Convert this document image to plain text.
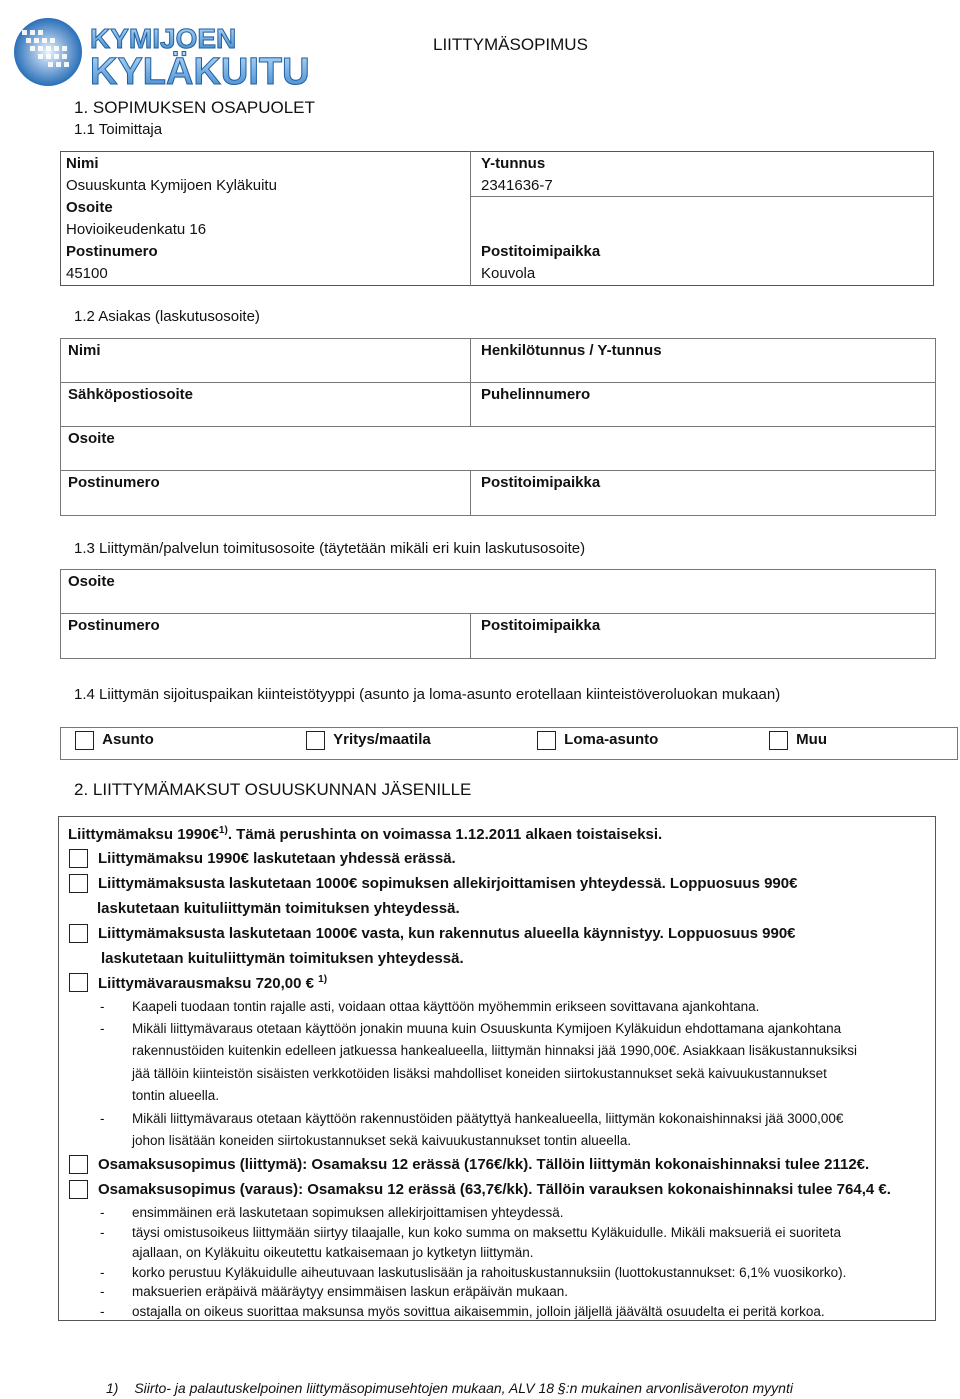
KYMIJOEN
KYLÄKUITU
LIITTYMÄSOPIMUS
1. SOPIMUKSEN OSAPUOLET
1.1 Toimittaja
Nimi
Osuuskunta Kymijoen Kyläkuitu
Osoite
Hovioikeudenkatu 16
Postinumero
45100
Y-tunnus
2341636-7
Postitoimipaikka
Kouvola
1.2 Asiakas (laskutusosoite)
Nimi	Henkilötunnus / Y-tunnus
Sähköpostiosoite	Puhelinnumero
Osoite
Postinumero	Postitoimipaikka
1.3 Liittymän/palvelun toimitusosoite (täytetään mikäli eri kuin laskutusosoite)
Osoite
Postinumero	Postitoimipaikka
1.4 Liittymän sijoituspaikan kiinteistötyyppi (asunto ja loma-asunto erotellaan kiinteistöveroluokan mukaan)
Asunto	Yritys/maatila	Loma-asunto	Muu
2. LIITTYMÄMAKSUT OSUUSKUNNAN JÄSENILLE
Liittymämaksu 1990€$^{1)}$. Tämä perushinta on voimassa 1.12.2011 alkaen toistaiseksi.
Liittymämaksu 1990€ laskutetaan yhdessä erässä.
Liittymämaksusta laskutetaan 1000€ sopimuksen allekirjoittamisen yhteydessä. Loppuosuus 990€
laskutetaan kuituliittymän toimituksen yhteydessä.
Liittymämaksusta laskutetaan 1000€ vasta, kun rakennutus alueella käynnistyy. Loppuosuus 990€
laskutetaan kuituliittymän toimituksen yhteydessä.
Liittymävarausmaksu 720,00 € $^{1)}$
- Kaapeli tuodaan tontin rajalle asti, voidaan ottaa käyttöön myöhemmin erikseen sovittavana ajankohtana.
- Mikäli liittymävaraus otetaan käyttöön jonakin muuna kuin Osuuskunta Kymijoen Kyläkuidun ehdottamana ajankohtana
rakennustöiden kuitenkin edelleen jatkuessa hankealueella, liittymän hinnaksi jää 1990,00€. Asiakkaan lisäkustannuksiksi
jää tällöin kiinteistön sisäisten verkkotöiden lisäksi mahdolliset koneiden siirtokustannukset sekä kaivuukustannukset
tontin alueella.
- Mikäli liittymävaraus otetaan käyttöön rakennustöiden päätyttyä hankealueella, liittymän kokonaishinnaksi jää 3000,00€
johon lisätään koneiden siirtokustannukset sekä kaivuukustannukset tontin alueella.
Osamaksusopimus (liittymä): Osamaksu 12 erässä (176€/kk). Tällöin liittymän kokonaishinnaksi tulee 2112€.
Osamaksusopimus (varaus): Osamaksu 12 erässä (63,7€/kk). Tällöin varauksen kokonaishinnaksi tulee 764,4 €.
- ensimmäinen erä laskutetaan sopimuksen allekirjoittamisen yhteydessä.
- täysi omistusoikeus liittymään siirtyy tilaajalle, kun koko summa on maksettu Kyläkuidulle. Mikäli maksueriä ei suoriteta
ajallaan, on Kyläkuitu oikeutettu katkaisemaan jo kytketyn liittymän.
- korko perustuu Kyläkuidulle aiheutuvaan laskutuslisään ja rahoituskustannuksiin (luottokustannukset: 6,1% vuosikorko).
- maksuerien eräpäivä määräytyy ensimmäisen laskun eräpäivän mukaan.
- ostajalla on oikeus suorittaa maksunsa myös sovittua aikaisemmin, jolloin jäljellä jäävältä osuudelta ei peritä korkoa.
1) Siirto- ja palautuskelpoinen liittymäsopimusehtojen mukaan, ALV 18 §:n mukainen arvonlisäveroton myynti
